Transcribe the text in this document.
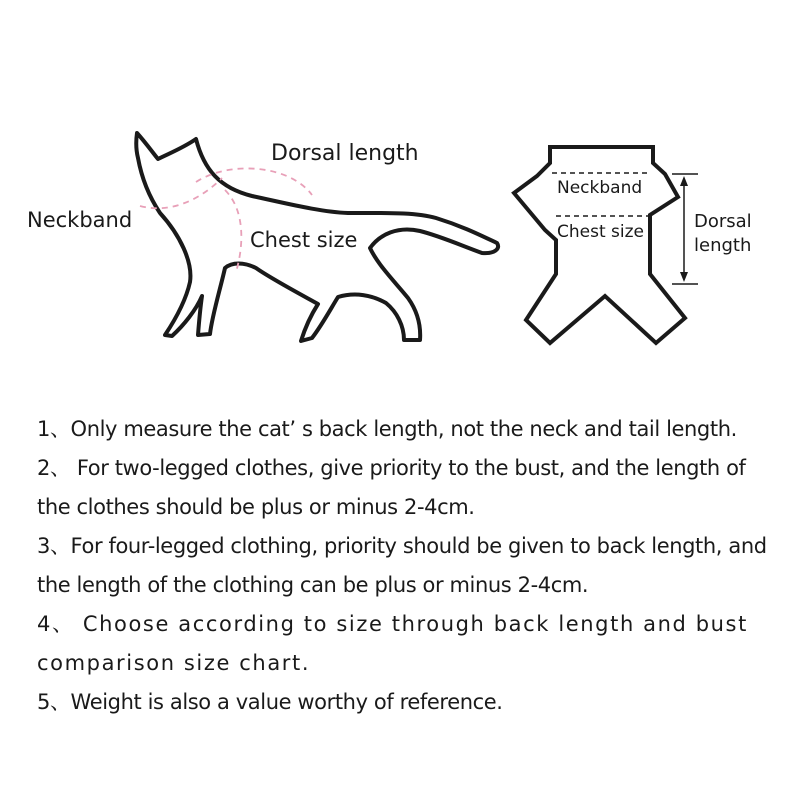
Dorsal length
Neckband
Chest size
Neckband
Chest size	Dorsal
length

1、Only measure the cat’ s back length, not the neck and tail length.

2、 For two-legged clothes, give priority to the bust, and the length of the clothes should be plus or minus 2-4cm.

3、For four-legged clothing, priority should be given to back length, and the length of the clothing can be plus or minus 2-4cm.

4、 Choose according to size through back length and bust comparison size chart.

5、Weight is also a value worthy of reference.
